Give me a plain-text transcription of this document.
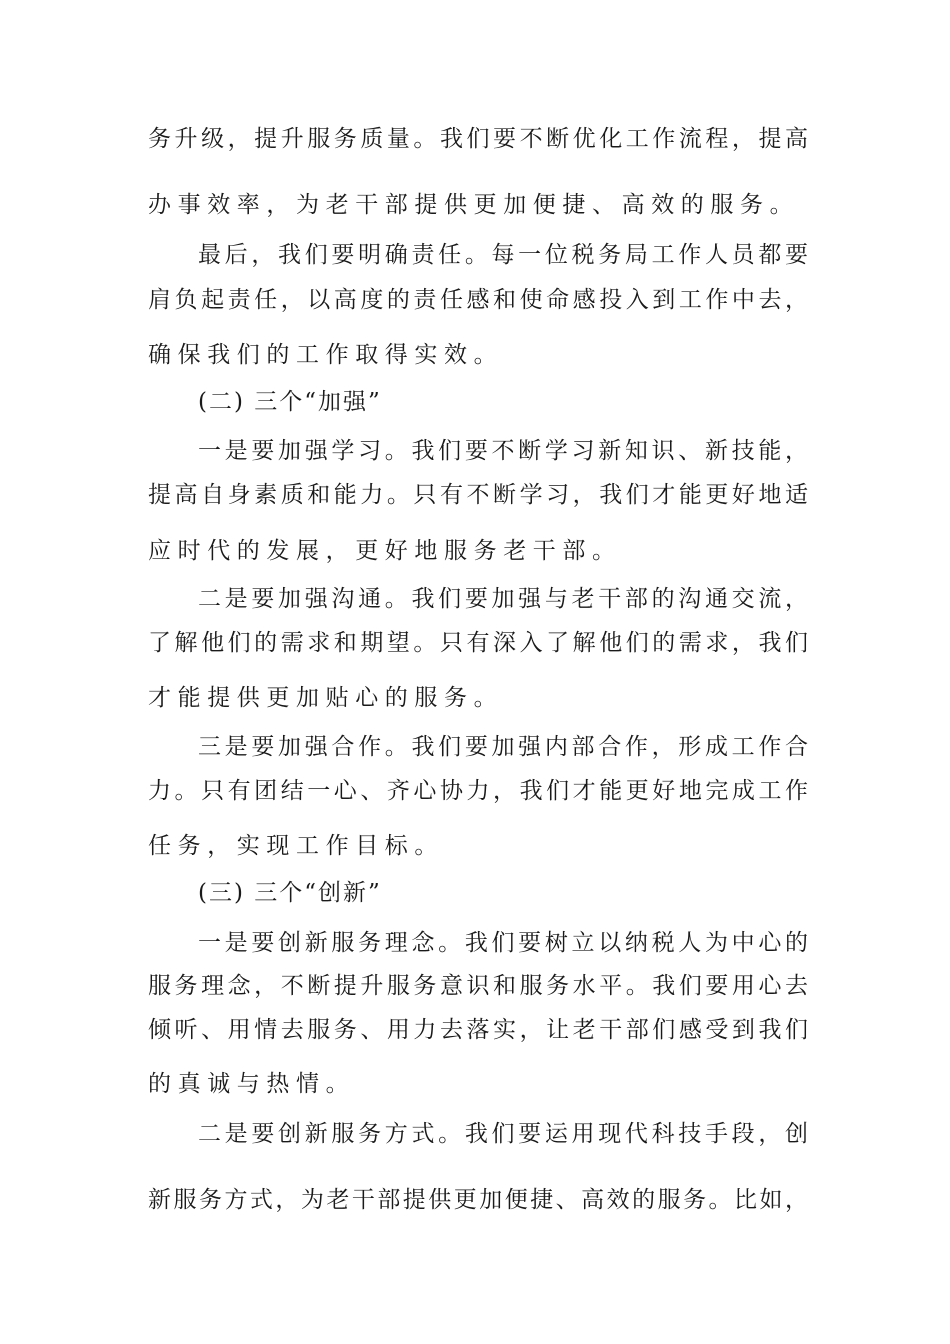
务升级，提升服务质量。我们要不断优化工作流程，提高
办事效率，为老干部提供更加便捷、高效的服务。
最后，我们要明确责任。每一位税务局工作人员都要
肩负起责任，以高度的责任感和使命感投入到工作中去，
确保我们的工作取得实效。
(二) 三个“加强”
一是要加强学习。我们要不断学习新知识、新技能，
提高自身素质和能力。只有不断学习，我们才能更好地适
应时代的发展，更好地服务老干部。
二是要加强沟通。我们要加强与老干部的沟通交流，
了解他们的需求和期望。只有深入了解他们的需求，我们
才能提供更加贴心的服务。
三是要加强合作。我们要加强内部合作，形成工作合
力。只有团结一心、齐心协力，我们才能更好地完成工作
任务，实现工作目标。
(三) 三个“创新”
一是要创新服务理念。我们要树立以纳税人为中心的
服务理念，不断提升服务意识和服务水平。我们要用心去
倾听、用情去服务、用力去落实，让老干部们感受到我们
的真诚与热情。
二是要创新服务方式。我们要运用现代科技手段，创
新服务方式，为老干部提供更加便捷、高效的服务。比如，
